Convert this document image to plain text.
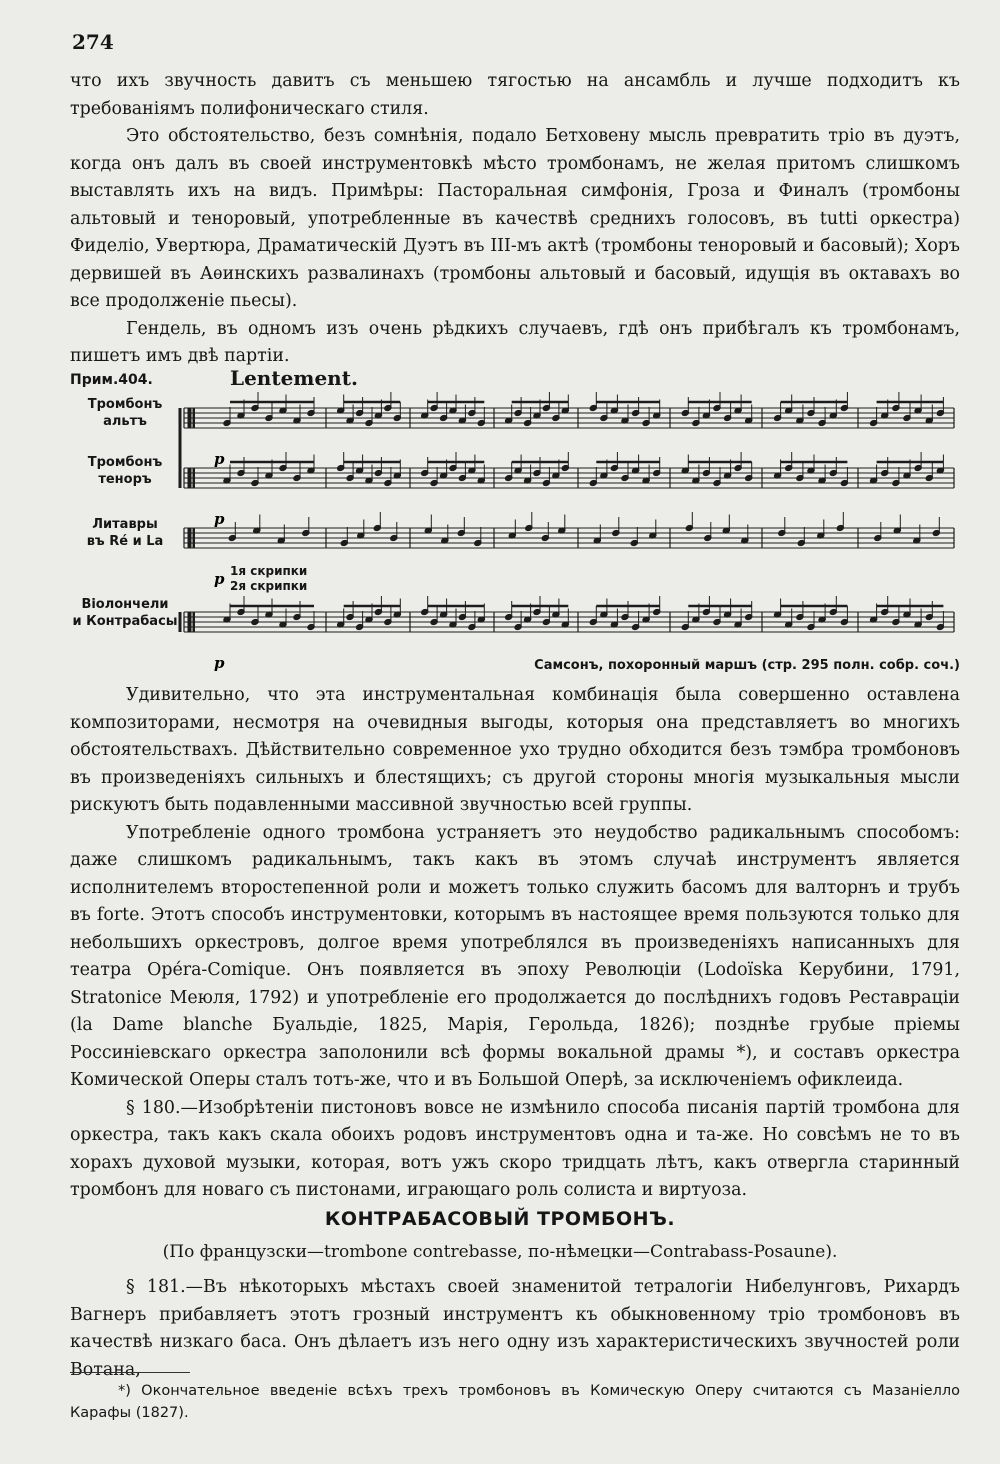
274

что ихъ звучность давитъ съ меньшею тягостью на ансамбль и лучше подходитъ къ требованіямъ полифоническаго стиля.

Это обстоятельство, безъ сомнѣнія, подало Бетховену мысль превратить тріо въ дуэтъ, когда онъ далъ въ своей инструментовкѣ мѣсто тромбонамъ, не желая притомъ слишкомъ выставлять ихъ на видъ. Примѣры: Пасторальная симфонія, Гроза и Финалъ (тромбоны альтовый и теноровый, употребленные въ качествѣ среднихъ голосовъ, въ tutti оркестра) Фиделіо, Увертюра, Драматическій Дуэтъ въ III-мъ актѣ (тромбоны теноровый и басовый); Хоръ дервишей въ Аѳинскихъ развалинахъ (тромбоны альтовый и басовый, идущія въ октавахъ во все продолженіе пьесы).

Гендель, въ одномъ изъ очень рѣдкихъ случаевъ, гдѣ онъ прибѣгалъ къ тромбонамъ, пишетъ имъ двѣ партіи.

Прим.404.	Lentement.
Тромбонъ
альтъ
Тромбонъ
теноръ
Литавры
въ Ré и La
Віолончели
и Контрабасы
1я скрипки
2я скрипки
p
p
p
p	Самсонъ, похоронный маршъ (стр. 295 полн. собр. соч.)

Удивительно, что эта инструментальная комбинація была совершенно оставлена композиторами, несмотря на очевидныя выгоды, которыя она представляетъ во многихъ обстоятельствахъ. Дѣйствительно современное ухо трудно обходится безъ тэмбра тромбоновъ въ произведеніяхъ сильныхъ и блестящихъ; съ другой стороны многія музыкальныя мысли рискуютъ быть подавленными массивной звучностью всей группы.

Употребленіе одного тромбона устраняетъ это неудобство радикальнымъ способомъ: даже слишкомъ радикальнымъ, такъ какъ въ этомъ случаѣ инструментъ является исполнителемъ второстепенной роли и можетъ только служить басомъ для валторнъ и трубъ въ forte. Этотъ способъ инструментовки, которымъ въ настоящее время пользуются только для небольшихъ оркестровъ, долгое время употреблялся въ произведеніяхъ написанныхъ для театра Opéra-Comique. Онъ появляется въ эпоху Революціи (Lodoïska Керубини, 1791, Stratonice Меюля, 1792) и употребленіе его продолжается до послѣднихъ годовъ Реставраціи (la Dame blanche Буальдіе, 1825, Марія, Герольда, 1826); позднѣе грубые пріемы Россиніевскаго оркестра заполонили всѣ формы вокальной драмы *), и составъ оркестра Комической Оперы сталъ тотъ-же, что и въ Большой Оперѣ, за исключеніемъ офиклеида.

§ 180.—Изобрѣтеніи пистоновъ вовсе не измѣнило способа писанія партій тромбона для оркестра, такъ какъ скала обоихъ родовъ инструментовъ одна и та-же. Но совсѣмъ не то въ хорахъ духовой музыки, которая, вотъ ужъ скоро тридцать лѣтъ, какъ отвергла старинный тромбонъ для новаго съ пистонами, играющаго роль солиста и виртуоза.

КОНТРАБАСОВЫЙ ТРОМБОНЪ.
(По французски—trombone contrebasse, по-нѣмецки—Contrabass-Posaune).

§ 181.—Въ нѣкоторыхъ мѣстахъ своей знаменитой тетралогіи Нибелунговъ, Рихардъ Вагнеръ прибавляетъ этотъ грозный инструментъ къ обыкновенному тріо тромбоновъ въ качествѣ низкаго баса. Онъ дѣлаетъ изъ него одну изъ характеристическихъ звучностей роли Вотана,

*) Окончательное введеніе всѣхъ трехъ тромбоновъ въ Комическую Оперу считаются съ Мазаніелло Карафы (1827).
